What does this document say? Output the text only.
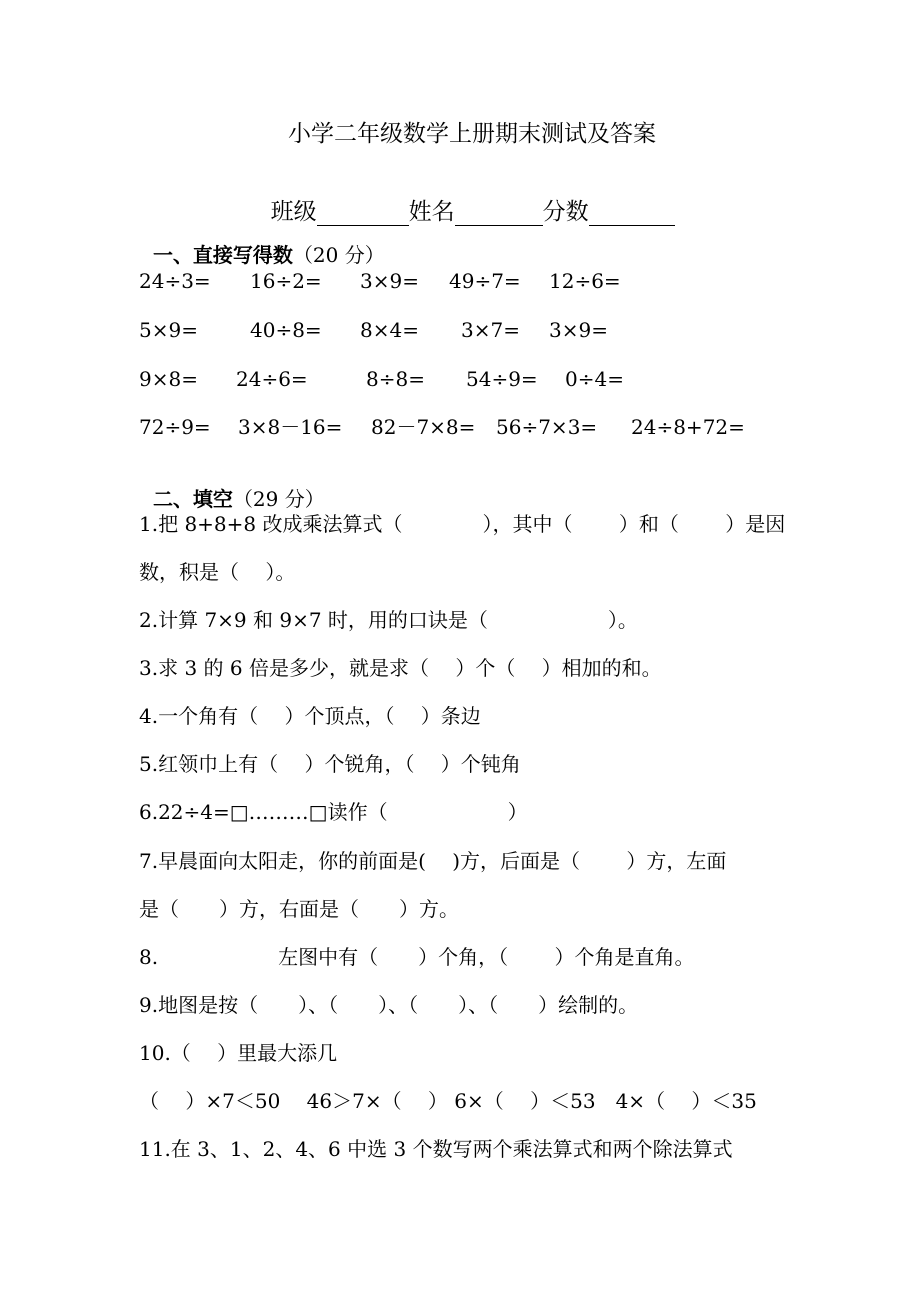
小学二年级数学上册期末测试及答案

班级	姓名	分数

一、直接写得数（20 分）

24÷3= 16÷2= 3×9= 49÷7= 12÷6=
5×9=	40÷8= 8×4= 3×7= 3×9=
9×8= 24÷6=	8÷8= 54÷9= 0÷4=
72÷9= 3×8－16= 82－7×8= 56÷7×3= 24÷8+72=

二、填空（29 分）

1.把 8+8+8 改成乘法算式（　　　　），其中（　　 ）和（　　 ）是因
数，积是（　 ）。
2.计算 7×9 和 9×7 时，用的口诀是（　　　　　　）。
3.求 3 的 6 倍是多少，就是求（　 ）个（　 ）相加的和。
4.一个角有（　 ）个顶点，（　 ）条边
5.红领巾上有（　 ）个锐角，（　 ）个钝角
6.22÷4=□………□读作（　　　　　　）
7.早晨面向太阳走，你的前面是(　 )方，后面是（　　 ）方，左面
是（　　）方，右面是（　　）方。
8.　　　　　　左图中有（　　）个角，（　　 ）个角是直角。
9.地图是按（　　）、（　　）、（　　）、（　　）绘制的。
10.（　 ）里最大添几
（　 ）×7＜50　 46＞7×（　 ） 6×（　 ）＜53　4×（　 ）＜35
11.在 3、1、2、4、6 中选 3 个数写两个乘法算式和两个除法算式
